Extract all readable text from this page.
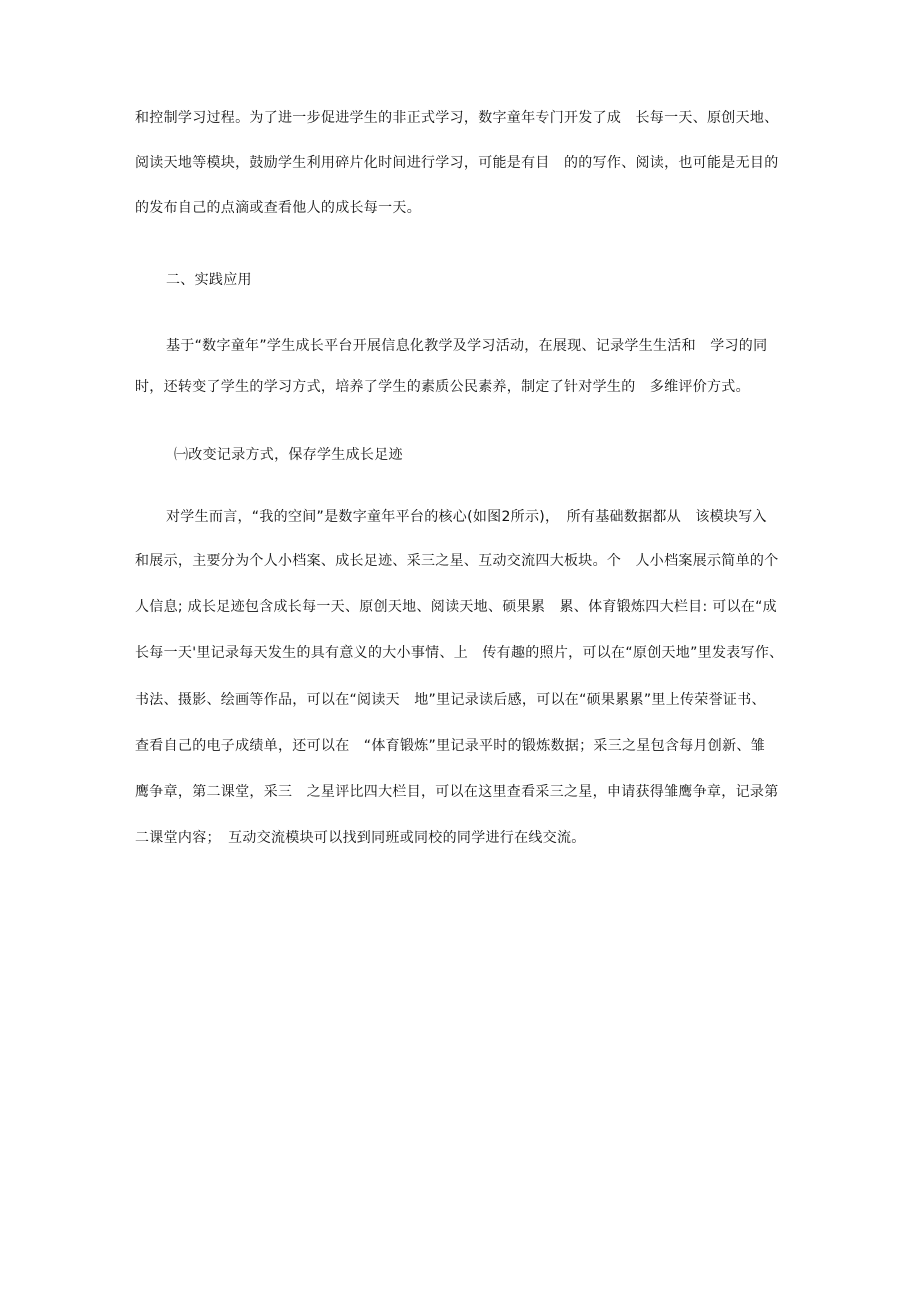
和控制学习过程。为了进一步促进学生的非正式学习，数字童年专门开发了成　长每一天、原创天地、
阅读天地等模块，鼓励学生利用碎片化时间进行学习，可能是有目　的的写作、阅读，也可能是无目的
的发布自己的点滴或查看他人的成长每一天。
二、实践应用
基于“数字童年”学生成长平台开展信息化教学及学习活动，在展现、记录学生生活和　学习的同
时，还转变了学生的学习方式，培养了学生的素质公民素养，制定了针对学生的　多维评价方式。
㈠改变记录方式，保存学生成长足迹
对学生而言，“我的空间”是数字童年平台的核心(如图2所示)，　所有基础数据都从　该模块写入
和展示，主要分为个人小档案、成长足迹、采三之星、互动交流四大板块。个　人小档案展示简单的个
人信息; 成长足迹包含成长每一天、原创天地、阅读天地、硕果累　累、体育锻炼四大栏目: 可以在“成
长每一天'里记录每天发生的具有意义的大小事情、上　传有趣的照片，可以在“原创天地”里发表写作、
书法、摄影、绘画等作品，可以在“阅读天　地”里记录读后感，可以在“硕果累累”里上传荣誉证书、
查看自己的电子成绩单，还可以在　“体育锻炼”里记录平时的锻炼数据；采三之星包含每月创新、雏
鹰争章，第二课堂，采三　之星评比四大栏目，可以在这里查看采三之星，申请获得雏鹰争章，记录第
二课堂内容；　互动交流模块可以找到同班或同校的同学进行在线交流。
